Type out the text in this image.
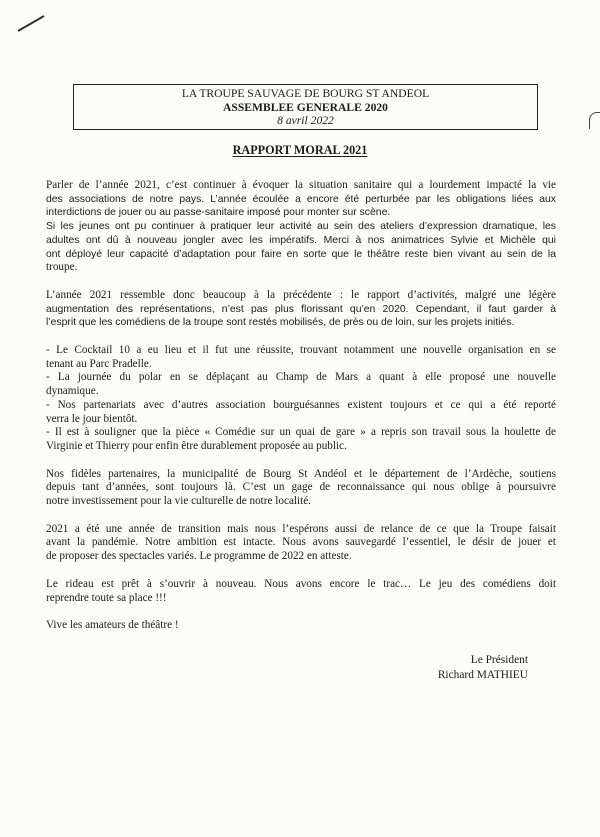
LA TROUPE SAUVAGE DE BOURG ST ANDEOL
ASSEMBLEE GENERALE 2020
8 avril 2022
RAPPORT MORAL 2021

Parler de l’année 2021, c’est continuer à évoquer la situation sanitaire qui a lourdement impacté la vie
des associations de notre pays. L’année écoulée a encore été perturbée par les obligations liées aux
interdictions de jouer ou au passe-sanitaire imposé pour monter sur scène.
Si les jeunes ont pu continuer à pratiquer leur activité au sein des ateliers d’expression dramatique, les
adultes ont dû à nouveau jongler avec les impératifs. Merci à nos animatrices Sylvie et Michèle qui
ont déployé leur capacité d’adaptation pour faire en sorte que le théâtre reste bien vivant au sein de la
troupe.

L’année 2021 ressemble donc beaucoup à la précédente : le rapport d’activités, malgré une légère
augmentation des représentations, n’est pas plus florissant qu’en 2020. Cependant, il faut garder à
l’esprit que les comédiens de la troupe sont restés mobilisés, de près ou de loin, sur les projets initiés.

- Le Cocktail 10 a eu lieu et il fut une réussite, trouvant notamment une nouvelle organisation en se
tenant au Parc Pradelle.

- La journée du polar en se déplaçant au Champ de Mars a quant à elle proposé une nouvelle
dynamique.

- Nos partenariats avec d’autres association bourguésannes existent toujours et ce qui a été reporté
verra le jour bientôt.

- Il est à souligner que la pièce « Comédie sur un quai de gare » a repris son travail sous la houlette de
Virginie et Thierry pour enfin être durablement proposée au public.

Nos fidèles partenaires, la municipalité de Bourg St Andéol et le département de l’Ardèche, soutiens
depuis tant d’années, sont toujours là. C’est un gage de reconnaissance qui nous oblige à poursuivre
notre investissement pour la vie culturelle de notre localité.

2021 a été une année de transition mais nous l’espérons aussi de relance de ce que la Troupe faisait
avant la pandémie. Notre ambition est intacte. Nous avons sauvegardé l’essentiel, le désir de jouer et
de proposer des spectacles variés. Le programme de 2022 en atteste.

Le rideau est prêt à s’ouvrir à nouveau. Nous avons encore le trac… Le jeu des comédiens doit
reprendre toute sa place !!!

Vive les amateurs de théâtre !

Le Président
Richard MATHIEU
